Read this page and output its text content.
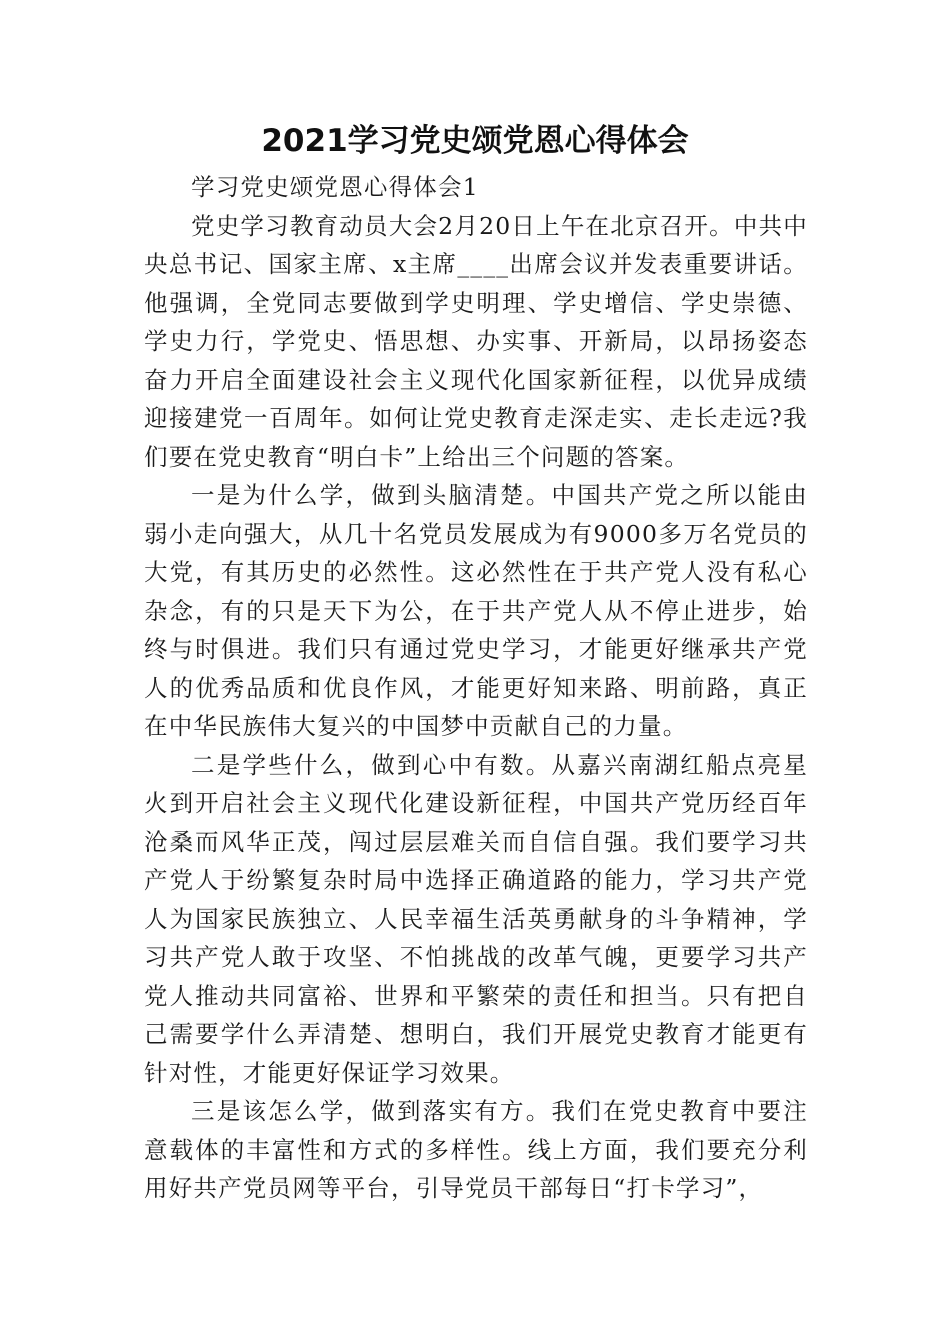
2021学习党史颂党恩心得体会

学习党史颂党恩心得体会1

党史学习教育动员大会2月20日上午在北京召开。中共中央总书记、国家主席、x主席____出席会议并发表重要讲话。他强调，全党同志要做到学史明理、学史增信、学史崇德、学史力行，学党史、悟思想、办实事、开新局，以昂扬姿态奋力开启全面建设社会主义现代化国家新征程，以优异成绩迎接建党一百周年。如何让党史教育走深走实、走长走远?我们要在党史教育“明白卡”上给出三个问题的答案。

一是为什么学，做到头脑清楚。中国共产党之所以能由弱小走向强大，从几十名党员发展成为有9000多万名党员的大党，有其历史的必然性。这必然性在于共产党人没有私心杂念，有的只是天下为公，在于共产党人从不停止进步，始终与时俱进。我们只有通过党史学习，才能更好继承共产党人的优秀品质和优良作风，才能更好知来路、明前路，真正在中华民族伟大复兴的中国梦中贡献自己的力量。

二是学些什么，做到心中有数。从嘉兴南湖红船点亮星火到开启社会主义现代化建设新征程，中国共产党历经百年沧桑而风华正茂，闯过层层难关而自信自强。我们要学习共产党人于纷繁复杂时局中选择正确道路的能力，学习共产党人为国家民族独立、人民幸福生活英勇献身的斗争精神，学习共产党人敢于攻坚、不怕挑战的改革气魄，更要学习共产党人推动共同富裕、世界和平繁荣的责任和担当。只有把自己需要学什么弄清楚、想明白，我们开展党史教育才能更有针对性，才能更好保证学习效果。

三是该怎么学，做到落实有方。我们在党史教育中要注意载体的丰富性和方式的多样性。线上方面，我们要充分利用好共产党员网等平台，引导党员干部每日“打卡学习”，
